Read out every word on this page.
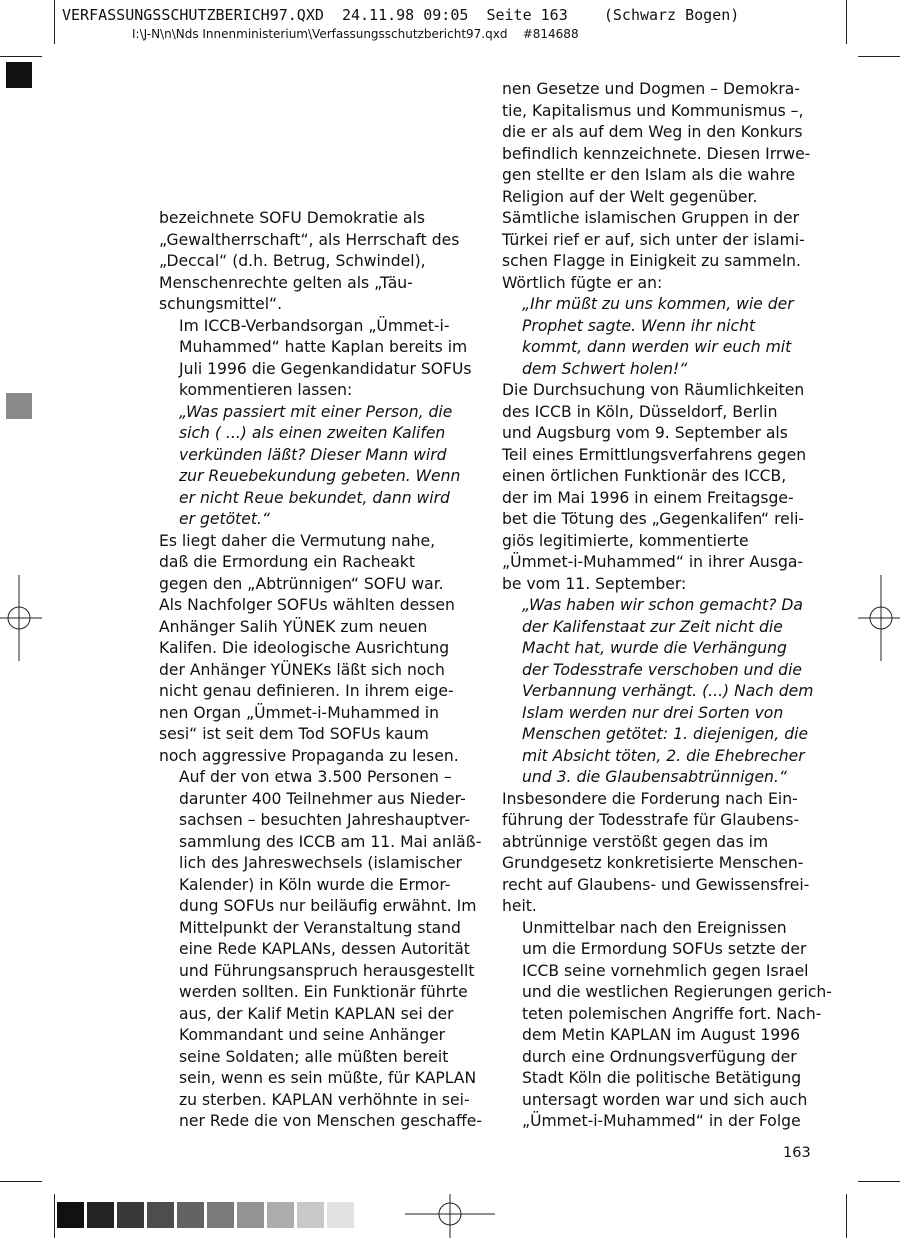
VERFASSUNGSSCHUTZBERICH97.QXD  24.11.98 09:05  Seite 163    (Schwarz Bogen)
I:\J-N\n\Nds Innenministerium\Verfassungsschutzbericht97.qxd    #814688

bezeichnete SOFU Demokratie als
„Gewaltherrschaft“, als Herrschaft des
„Deccal“ (d.h. Betrug, Schwindel),
Menschenrechte gelten als „Täu-
schungsmittel“.

Im ICCB-Verbandsorgan „Ümmet-i-
Muhammed“ hatte Kaplan bereits im
Juli 1996 die Gegenkandidatur SOFUs
kommentieren lassen:

„Was passiert mit einer Person, die
sich ( ...) als einen zweiten Kalifen
verkünden läßt? Dieser Mann wird
zur Reuebekundung gebeten. Wenn
er nicht Reue bekundet, dann wird
er getötet.“

Es liegt daher die Vermutung nahe,
daß die Ermordung ein Racheakt
gegen den „Abtrünnigen“ SOFU war.
Als Nachfolger SOFUs wählten dessen
Anhänger Salih YÜNEK zum neuen
Kalifen. Die ideologische Ausrichtung
der Anhänger YÜNEKs läßt sich noch
nicht genau definieren. In ihrem eige-
nen Organ „Ümmet-i-Muhammed in
sesi“ ist seit dem Tod SOFUs kaum
noch aggressive Propaganda zu lesen.

Auf der von etwa 3.500 Personen –
darunter 400 Teilnehmer aus Nieder-
sachsen – besuchten Jahreshauptver-
sammlung des ICCB am 11. Mai anläß-
lich des Jahreswechsels (islamischer
Kalender) in Köln wurde die Ermor-
dung SOFUs nur beiläufig erwähnt. Im
Mittelpunkt der Veranstaltung stand
eine Rede KAPLANs, dessen Autorität
und Führungsanspruch herausgestellt
werden sollten. Ein Funktionär führte
aus, der Kalif Metin KAPLAN sei der
Kommandant und seine Anhänger
seine Soldaten; alle müßten bereit
sein, wenn es sein müßte, für KAPLAN
zu sterben. KAPLAN verhöhnte in sei-
ner Rede die von Menschen geschaffe-

nen Gesetze und Dogmen – Demokra-
tie, Kapitalismus und Kommunismus –,
die er als auf dem Weg in den Konkurs
befindlich kennzeichnete. Diesen Irrwe-
gen stellte er den Islam als die wahre
Religion auf der Welt gegenüber.
Sämtliche islamischen Gruppen in der
Türkei rief er auf, sich unter der islami-
schen Flagge in Einigkeit zu sammeln.
Wörtlich fügte er an:

„Ihr müßt zu uns kommen, wie der
Prophet sagte. Wenn ihr nicht
kommt, dann werden wir euch mit
dem Schwert holen!“

Die Durchsuchung von Räumlichkeiten
des ICCB in Köln, Düsseldorf, Berlin
und Augsburg vom 9. September als
Teil eines Ermittlungsverfahrens gegen
einen örtlichen Funktionär des ICCB,
der im Mai 1996 in einem Freitagsge-
bet die Tötung des „Gegenkalifen“ reli-
giös legitimierte, kommentierte
„Ümmet-i-Muhammed“ in ihrer Ausga-
be vom 11. September:

„Was haben wir schon gemacht? Da
der Kalifenstaat zur Zeit nicht die
Macht hat, wurde die Verhängung
der Todesstrafe verschoben und die
Verbannung verhängt. (...) Nach dem
Islam werden nur drei Sorten von
Menschen getötet: 1. diejenigen, die
mit Absicht töten, 2. die Ehebrecher
und 3. die Glaubensabtrünnigen.“

Insbesondere die Forderung nach Ein-
führung der Todesstrafe für Glaubens-
abtrünnige verstößt gegen das im
Grundgesetz konkretisierte Menschen-
recht auf Glaubens- und Gewissensfrei-
heit.

Unmittelbar nach den Ereignissen
um die Ermordung SOFUs setzte der
ICCB seine vornehmlich gegen Israel
und die westlichen Regierungen gerich-
teten polemischen Angriffe fort. Nach-
dem Metin KAPLAN im August 1996
durch eine Ordnungsverfügung der
Stadt Köln die politische Betätigung
untersagt worden war und sich auch
„Ümmet-i-Muhammed“ in der Folge

163
